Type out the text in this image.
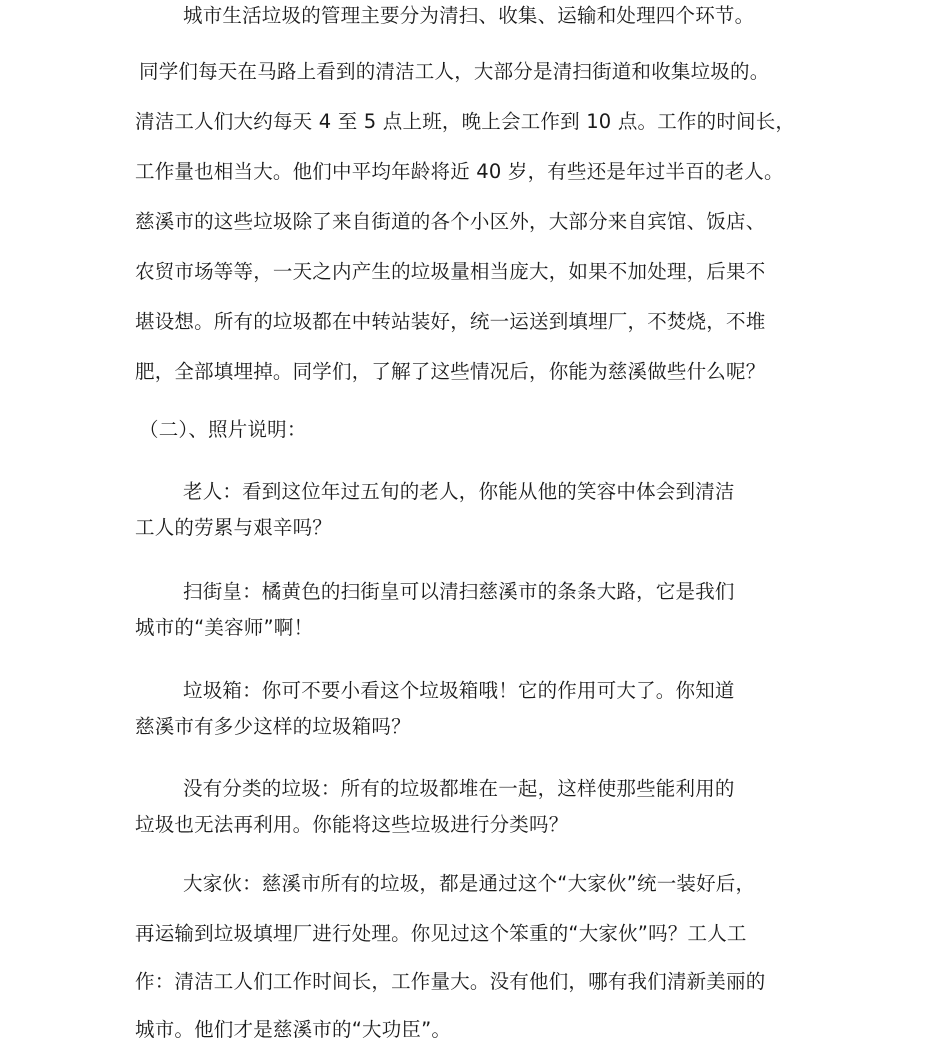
城市生活垃圾的管理主要分为清扫、收集、运输和处理四个环节。
同学们每天在马路上看到的清洁工人，大部分是清扫街道和收集垃圾的。
清洁工人们大约每天 4 至 5 点上班，晚上会工作到 10 点。工作的时间长，
工作量也相当大。他们中平均年龄将近 40 岁，有些还是年过半百的老人。
慈溪市的这些垃圾除了来自街道的各个小区外，大部分来自宾馆、饭店、
农贸市场等等，一天之内产生的垃圾量相当庞大，如果不加处理，后果不
堪设想。所有的垃圾都在中转站装好，统一运送到填埋厂，不焚烧，不堆
肥，全部填埋掉。同学们，了解了这些情况后，你能为慈溪做些什么呢？
（二）、照片说明：
老人：看到这位年过五旬的老人，你能从他的笑容中体会到清洁
工人的劳累与艰辛吗？
扫街皇：橘黄色的扫街皇可以清扫慈溪市的条条大路，它是我们
城市的“美容师”啊！
垃圾箱：你可不要小看这个垃圾箱哦！它的作用可大了。你知道
慈溪市有多少这样的垃圾箱吗？
没有分类的垃圾：所有的垃圾都堆在一起，这样使那些能利用的
垃圾也无法再利用。你能将这些垃圾进行分类吗？
大家伙：慈溪市所有的垃圾，都是通过这个“大家伙”统一装好后，
再运输到垃圾填埋厂进行处理。你见过这个笨重的“大家伙”吗？工人工
作：清洁工人们工作时间长，工作量大。没有他们，哪有我们清新美丽的
城市。他们才是慈溪市的“大功臣”。
